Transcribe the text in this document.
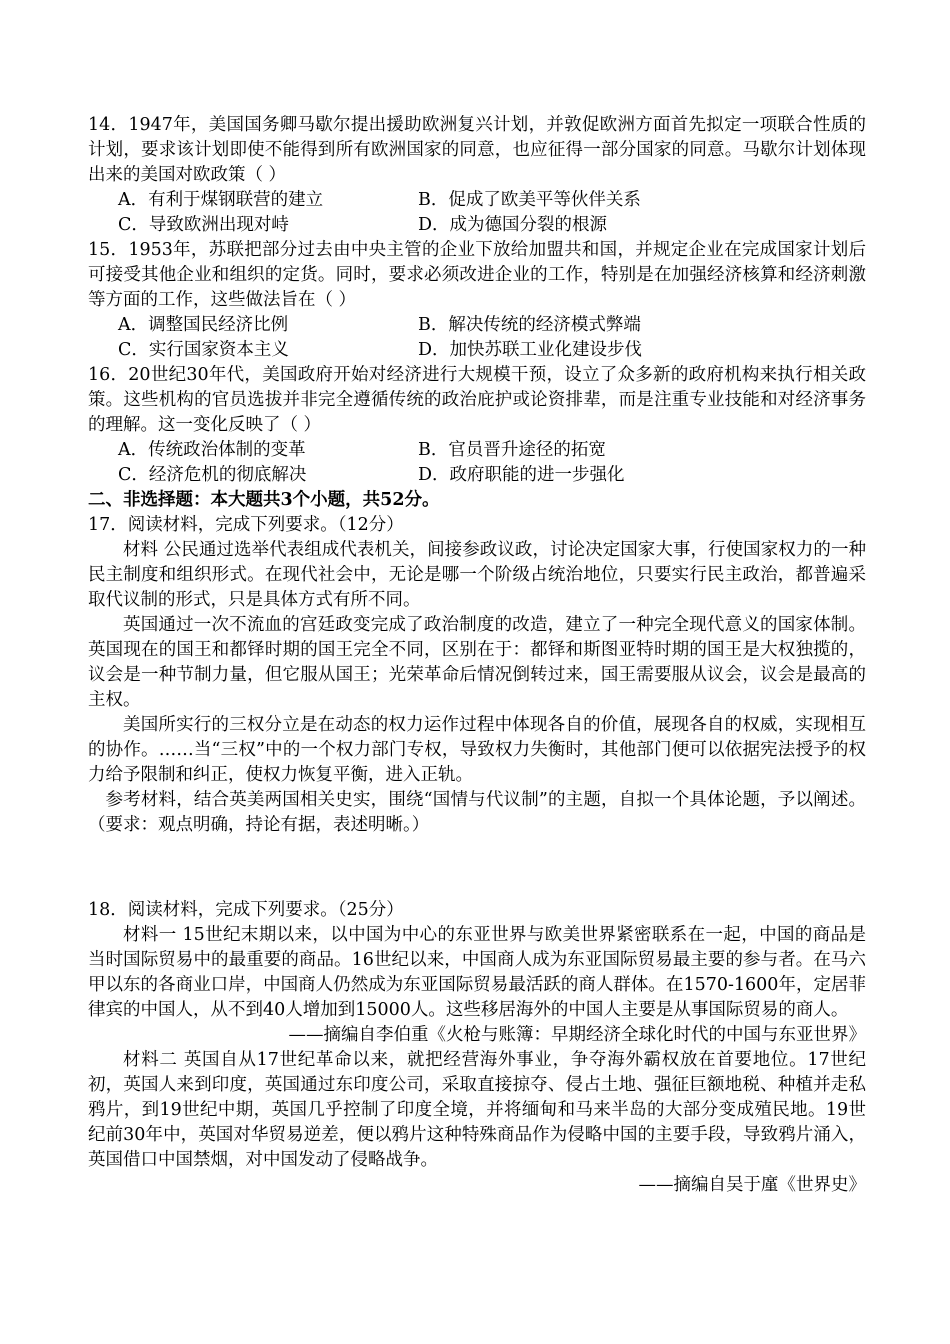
14．1947年，美国国务卿马歇尔提出援助欧洲复兴计划，并敦促欧洲方面首先拟定一项联合性质的计划，要求该计划即使不能得到所有欧洲国家的同意，也应征得一部分国家的同意。马歇尔计划体现出来的美国对欧政策（ ）

A．有利于煤钢联营的建立	B．促成了欧美平等伙伴关系
C．导致欧洲出现对峙	D．成为德国分裂的根源

15．1953年，苏联把部分过去由中央主管的企业下放给加盟共和国，并规定企业在完成国家计划后可接受其他企业和组织的定货。同时，要求必须改进企业的工作，特别是在加强经济核算和经济刺激等方面的工作，这些做法旨在（ ）

A．调整国民经济比例	B．解决传统的经济模式弊端
C．实行国家资本主义	D．加快苏联工业化建设步伐

16．20世纪30年代，美国政府开始对经济进行大规模干预，设立了众多新的政府机构来执行相关政策。这些机构的官员选拔并非完全遵循传统的政治庇护或论资排辈，而是注重专业技能和对经济事务的理解。这一变化反映了（ ）

A．传统政治体制的变革	B．官员晋升途径的拓宽
C．经济危机的彻底解决	D．政府职能的进一步强化

二、非选择题：本大题共3个小题，共52分。

17．阅读材料，完成下列要求。（12分）

材料 公民通过选举代表组成代表机关，间接参政议政，讨论决定国家大事，行使国家权力的一种民主制度和组织形式。在现代社会中，无论是哪一个阶级占统治地位，只要实行民主政治，都普遍采取代议制的形式，只是具体方式有所不同。

英国通过一次不流血的宫廷政变完成了政治制度的改造，建立了一种完全现代意义的国家体制。英国现在的国王和都铎时期的国王完全不同，区别在于：都铎和斯图亚特时期的国王是大权独揽的，议会是一种节制力量，但它服从国王；光荣革命后情况倒转过来，国王需要服从议会，议会是最高的主权。

美国所实行的三权分立是在动态的权力运作过程中体现各自的价值，展现各自的权威，实现相互的协作。……当“三权”中的一个权力部门专权，导致权力失衡时，其他部门便可以依据宪法授予的权力给予限制和纠正，使权力恢复平衡，进入正轨。

参考材料，结合英美两国相关史实，围绕“国情与代议制”的主题，自拟一个具体论题，予以阐述。（要求：观点明确，持论有据，表述明晰。）

18．阅读材料，完成下列要求。（25分）

材料一 15世纪末期以来，以中国为中心的东亚世界与欧美世界紧密联系在一起，中国的商品是当时国际贸易中的最重要的商品。16世纪以来，中国商人成为东亚国际贸易最主要的参与者。在马六甲以东的各商业口岸，中国商人仍然成为东亚国际贸易最活跃的商人群体。在1570-1600年，定居菲律宾的中国人，从不到40人增加到15000人。这些移居海外的中国人主要是从事国际贸易的商人。

——摘编自李伯重《火枪与账簿：早期经济全球化时代的中国与东亚世界》

材料二 英国自从17世纪革命以来，就把经营海外事业，争夺海外霸权放在首要地位。17世纪初，英国人来到印度，英国通过东印度公司，采取直接掠夺、侵占土地、强征巨额地税、种植并走私鸦片，到19世纪中期，英国几乎控制了印度全境，并将缅甸和马来半岛的大部分变成殖民地。19世纪前30年中，英国对华贸易逆差，便以鸦片这种特殊商品作为侵略中国的主要手段，导致鸦片涌入，英国借口中国禁烟，对中国发动了侵略战争。

——摘编自吴于廑《世界史》
